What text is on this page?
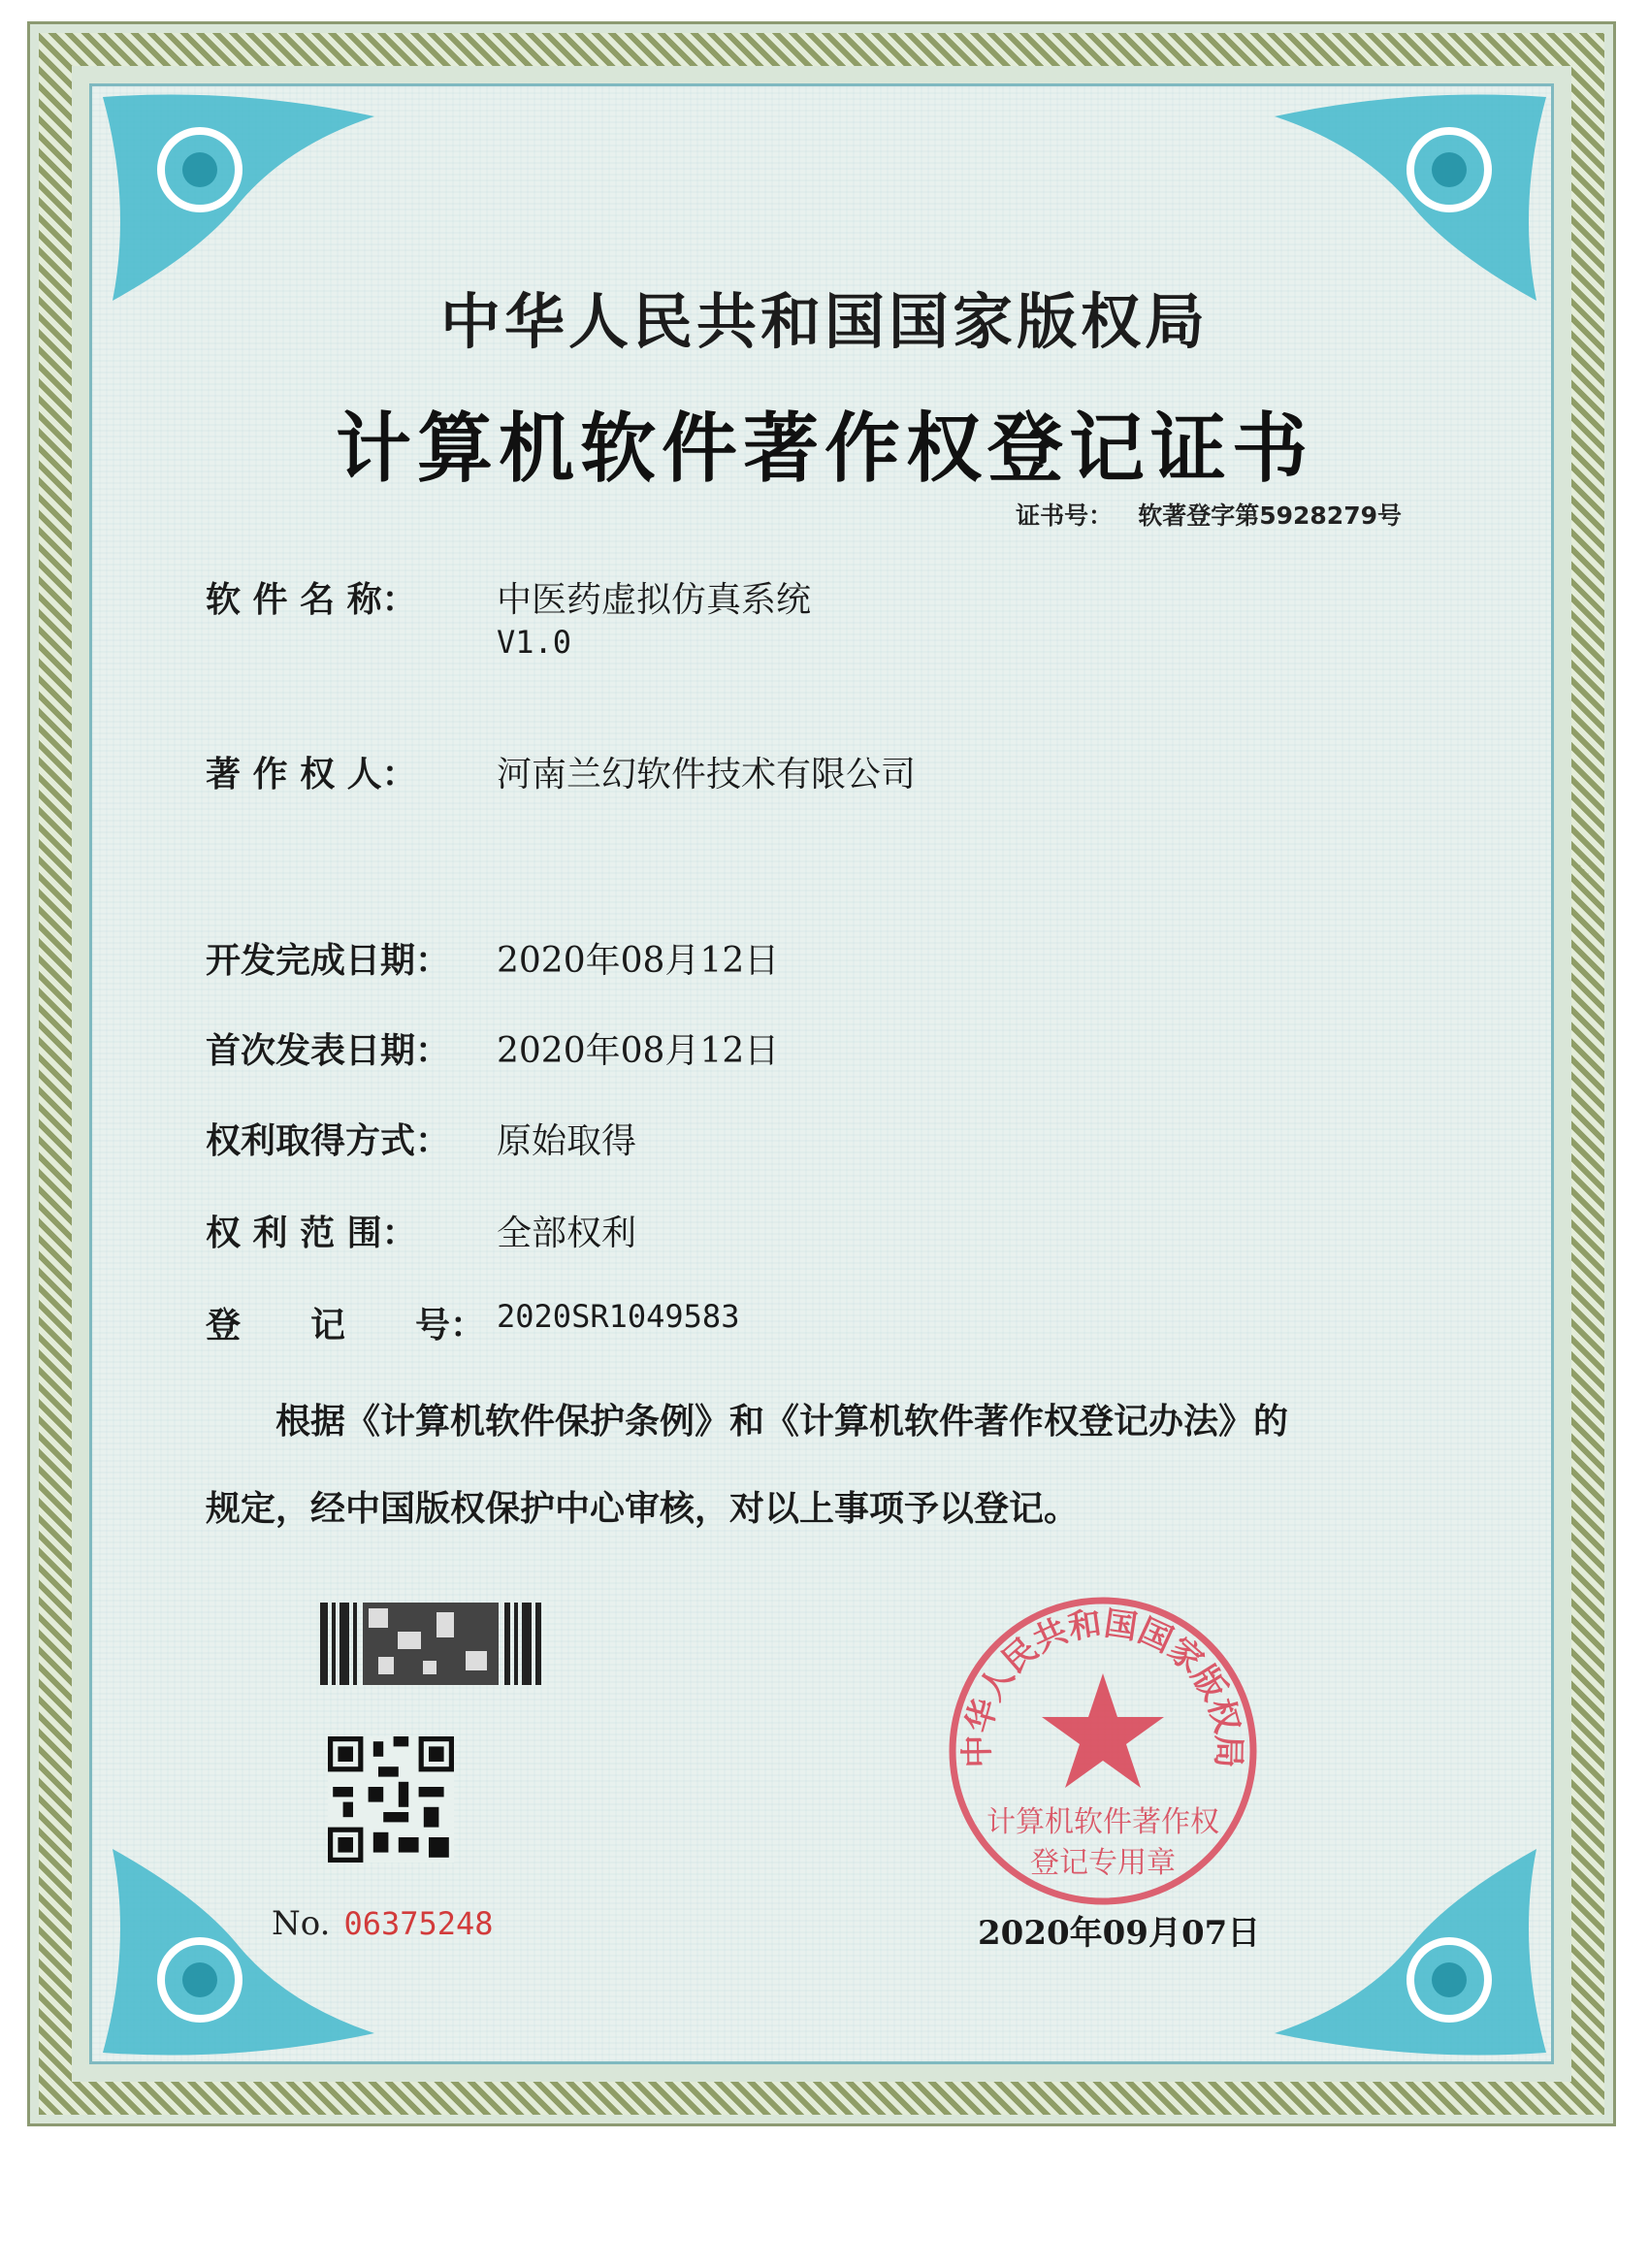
中华人民共和国国家版权局
计算机软件著作权登记证书
证书号： 软著登字第5928279号
软 件 名 称： 中医药虚拟仿真系统
V1.0
著 作 权 人： 河南兰幻软件技术有限公司
开发完成日期： 2020年08月12日
首次发表日期： 2020年08月12日
权利取得方式： 原始取得
权 利 范 围： 全部权利
登　　记　　号： 2020SR1049583
根据《计算机软件保护条例》和《计算机软件著作权登记办法》的
规定，经中国版权保护中心审核，对以上事项予以登记。
No. 06375248
中华人民共和国国家版权局
计算机软件著作权
登记专用章
2020年09月07日
